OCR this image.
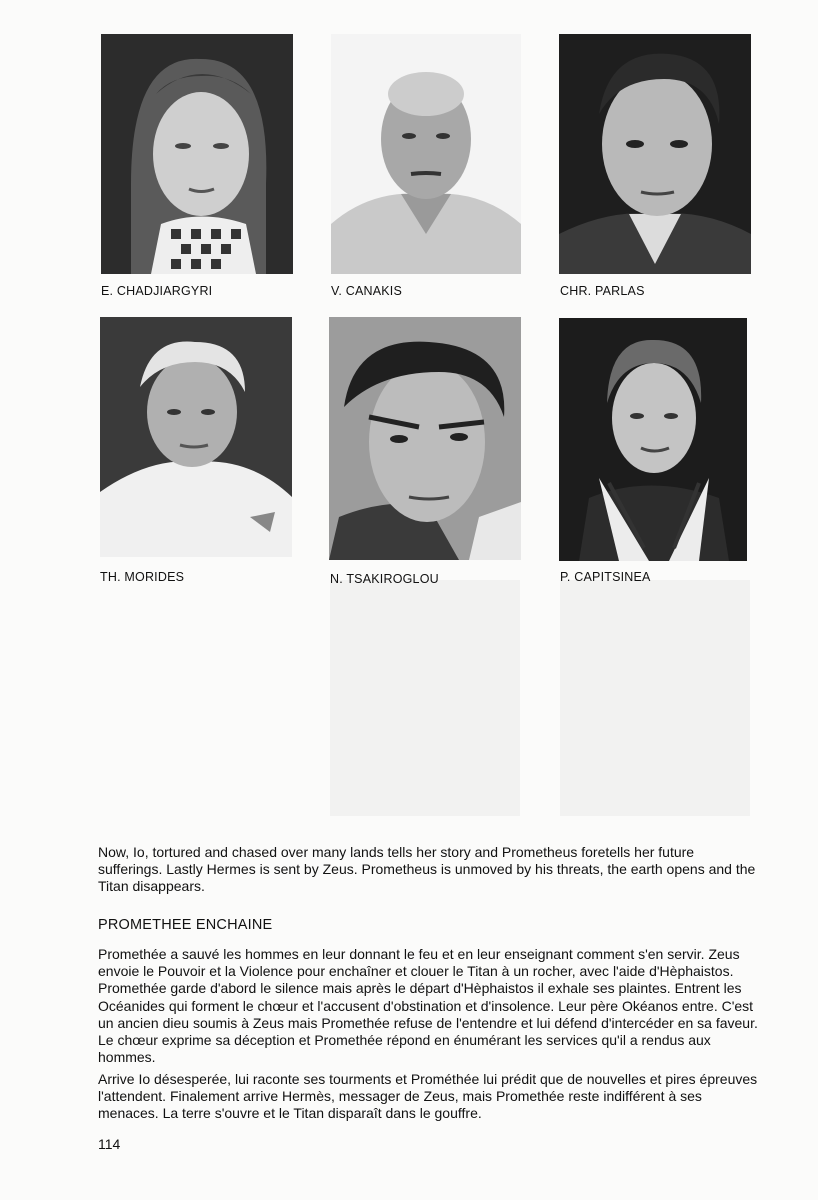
E. CHADJIARGYRI	V. CANAKIS	CHR. PARLAS
TH. MORIDES	N. TSAKIROGLOU	P. CAPITSINEA

Now, Io, tortured and chased over many lands tells her story and Prometheus foretells her future sufferings. Lastly Hermes is sent by Zeus. Prometheus is unmoved by his threats, the earth opens and the Titan disappears.

PROMETHEE ENCHAINE

Promethée a sauvé les hommes en leur donnant le feu et en leur enseignant comment s'en servir. Zeus envoie le Pouvoir et la Violence pour enchaîner et clouer le Titan à un rocher, avec l'aide d'Hèphaistos. Promethée garde d'abord le silence mais après le départ d'Hèphaistos il exhale ses plaintes. Entrent les Océanides qui forment le chœur et l'accusent d'obstination et d'insolence. Leur père Okéanos entre. C'est un ancien dieu soumis à Zeus mais Promethée refuse de l'entendre et lui défend d'intercéder en sa faveur. Le chœur exprime sa déception et Promethée répond en énumérant les services qu'il a rendus aux hommes.

Arrive Io désesperée, lui raconte ses tourments et Prométhée lui prédit que de nouvelles et pires épreuves l'attendent. Finalement arrive Hermès, messager de Zeus, mais Promethée reste indifférent à ses menaces. La terre s'ouvre et le Titan disparaît dans le gouffre.

114
